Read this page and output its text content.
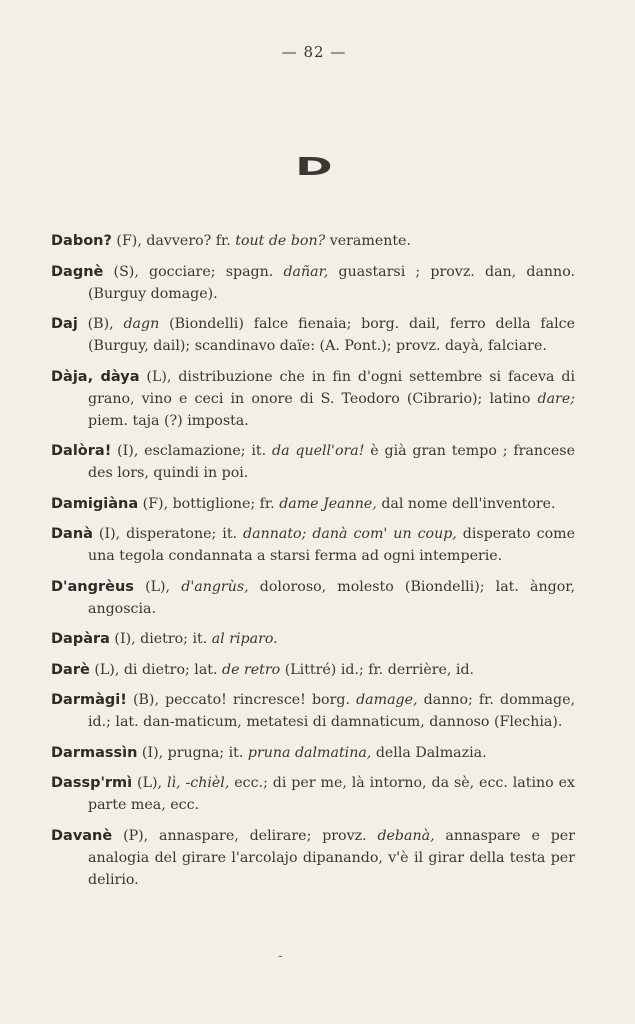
— 82 —
D

Dabon? (F), davvero? fr. tout de bon? veramente.

Dagnè (S), gocciare; spagn. dañar, guastarsi ; provz. dan, danno. (Burguy domage).

Daj (B), dagn (Biondelli) falce fienaia; borg. dail, ferro della falce (Burguy, dail); scandinavo daïe: (A. Pont.); provz. dayà, falciare.

Dàja, dàya (L), distribuzione che in fin d'ogni settembre si faceva di grano, vino e ceci in onore di S. Teodoro (Cibrario); latino dare; piem. taja (?) imposta.

Dalòra! (I), esclamazione; it. da quell'ora! è già gran tempo ; francese des lors, quindi in poi.

Damigiàna (F), bottiglione; fr. dame Jeanne, dal nome dell'inventore.

Danà (I), disperatone; it. dannato; danà com' un coup, disperato come una tegola condannata a starsi ferma ad ogni intemperie.

D'angrèus (L), d'angrùs, doloroso, molesto (Biondelli); lat. àngor, angoscia.

Dapàra (I), dietro; it. al riparo.

Darè (L), di dietro; lat. de retro (Littré) id.; fr. derrière, id.

Darmàgi! (B), peccato! rincresce! borg. damage, danno; fr. dommage, id.; lat. dan-maticum, metatesi di damnaticum, dannoso (Flechia).

Darmassìn (I), prugna; it. pruna dalmatina, della Dalmazia.

Dassp'rmì (L), lì, -chièl, ecc.; di per me, là intorno, da sè, ecc. latino ex parte mea, ecc.

Davanè (P), annaspare, delirare; provz. debanà, annaspare e per analogia del girare l'arcolajo dipanando, v'è il girar della testa per delirio.

-
